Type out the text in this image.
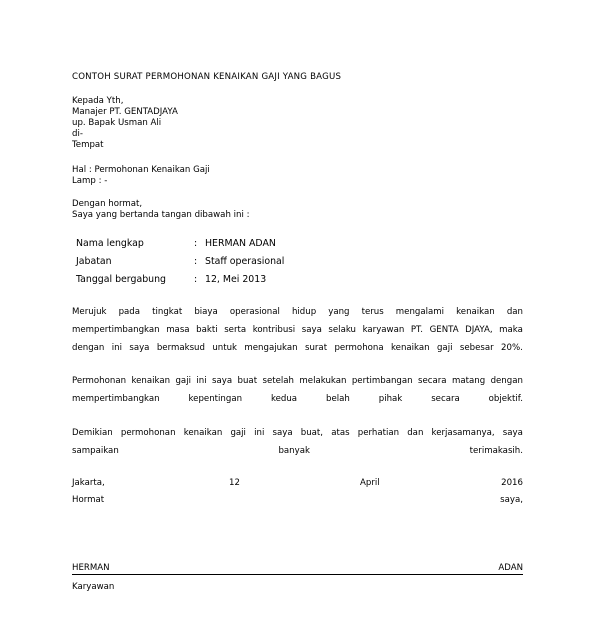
CONTOH SURAT PERMOHONAN KENAIKAN GAJI YANG BAGUS
Kepada Yth,
Manajer PT. GENTADJAYA
up. Bapak Usman Ali
di-
Tempat
Hal : Permohonan Kenaikan Gaji
Lamp : -
Dengan hormat,
Saya yang bertanda tangan dibawah ini :
Nama lengkap	: HERMAN ADAN
Jabatan	: Staff operasional
Tanggal bergabung	: 12, Mei 2013
Merujuk pada tingkat biaya operasional hidup yang terus mengalami kenaikan dan
mempertimbangkan masa bakti serta kontribusi saya selaku karyawan PT. GENTA DJAYA, maka
dengan ini saya bermaksud untuk mengajukan surat permohona kenaikan gaji sebesar 20%.
Permohonan kenaikan gaji ini saya buat setelah melakukan pertimbangan secara matang dengan
mempertimbangkan	kepentingan	kedua	belah	pihak	secara	objektif.
Demikian permohonan kenaikan gaji ini saya buat, atas perhatian dan kerjasamanya, saya
sampaikan	banyak	terimakasih.
Jakarta,	12	April	2016
Hormat	saya,
HERMAN	ADAN
Karyawan
